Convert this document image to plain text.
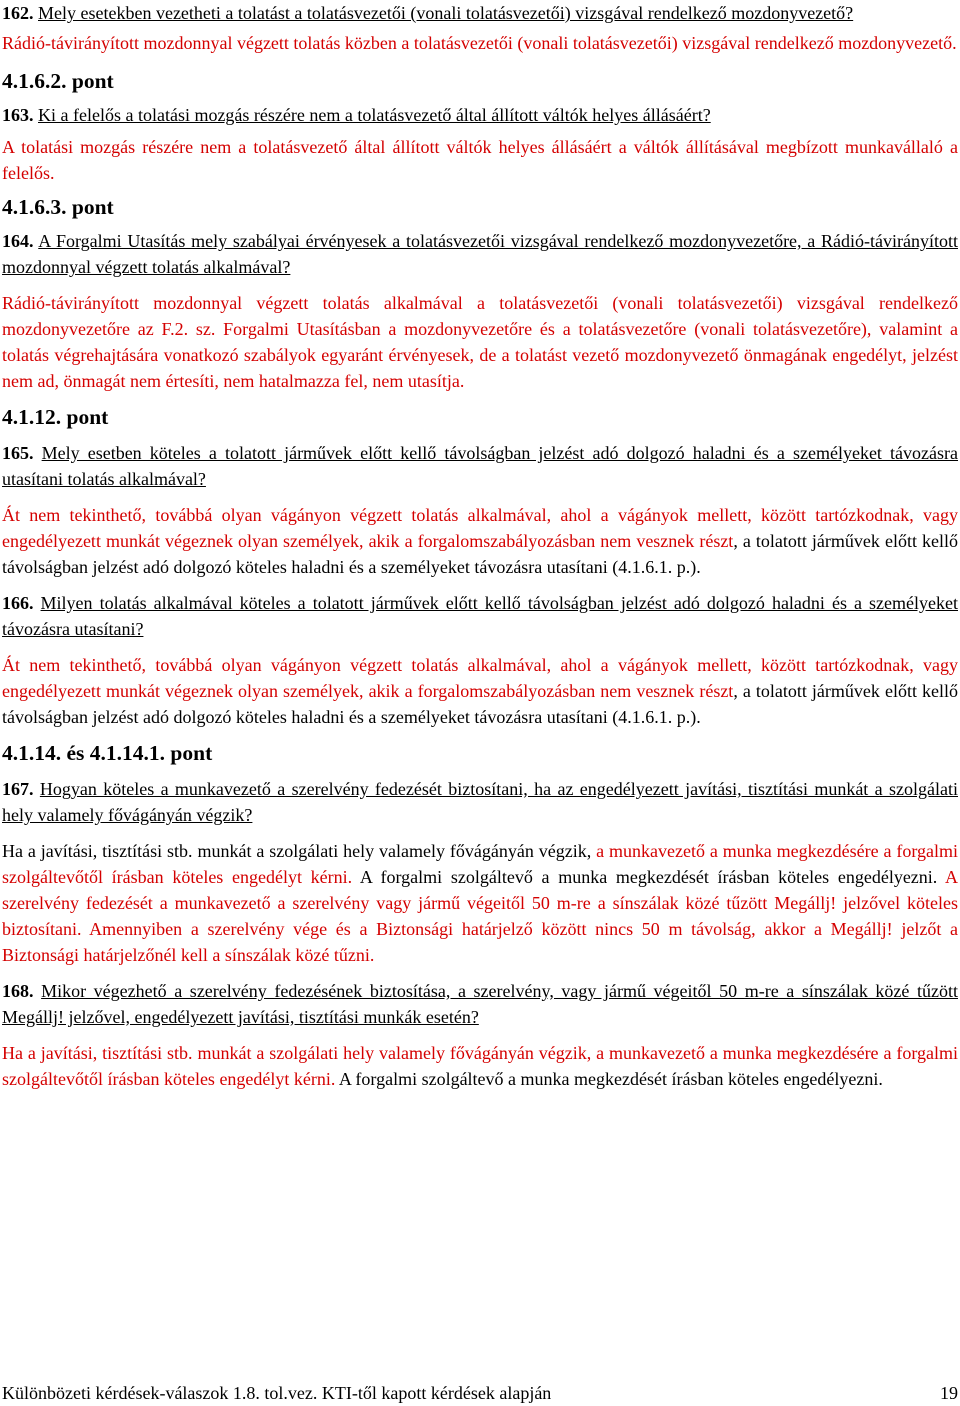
162. Mely esetekben vezetheti a tolatást a tolatásvezetői (vonali tolatásvezetői) vizsgával rendelkező mozdonyvezető?

Rádió-távirányított mozdonnyal végzett tolatás közben a tolatásvezetői (vonali tolatásvezetői) vizsgával rendelkező mozdonyvezető.

4.1.6.2. pont

163. Ki a felelős a tolatási mozgás részére nem a tolatásvezető által állított váltók helyes állásáért?

A tolatási mozgás részére nem a tolatásvezető által állított váltók helyes állásáért a váltók állításával megbízott munkavállaló a felelős.

4.1.6.3. pont

164. A Forgalmi Utasítás mely szabályai érvényesek a tolatásvezetői vizsgával rendelkező mozdonyvezetőre, a Rádió-távirányított mozdonnyal végzett tolatás alkalmával?

Rádió-távirányított mozdonnyal végzett tolatás alkalmával a tolatásvezetői (vonali tolatásvezetői) vizsgával rendelkező mozdonyvezetőre az F.2. sz. Forgalmi Utasításban a mozdonyvezetőre és a tolatásvezetőre (vonali tolatásvezetőre), valamint a tolatás végrehajtására vonatkozó szabályok egyaránt érvényesek, de a tolatást vezető mozdonyvezető önmagának engedélyt, jelzést nem ad, önmagát nem értesíti, nem hatalmazza fel, nem utasítja.

4.1.12. pont

165. Mely esetben köteles a tolatott járművek előtt kellő távolságban jelzést adó dolgozó haladni és a személyeket távozásra utasítani tolatás alkalmával?

Át nem tekinthető, továbbá olyan vágányon végzett tolatás alkalmával, ahol a vágányok mellett, között tartózkodnak, vagy engedélyezett munkát végeznek olyan személyek, akik a forgalomszabályozásban nem vesznek részt, a tolatott járművek előtt kellő távolságban jelzést adó dolgozó köteles haladni és a személyeket távozásra utasítani (4.1.6.1. p.).

166. Milyen tolatás alkalmával köteles a tolatott járművek előtt kellő távolságban jelzést adó dolgozó haladni és a személyeket távozásra utasítani?

Át nem tekinthető, továbbá olyan vágányon végzett tolatás alkalmával, ahol a vágányok mellett, között tartózkodnak, vagy engedélyezett munkát végeznek olyan személyek, akik a forgalomszabályozásban nem vesznek részt, a tolatott járművek előtt kellő távolságban jelzést adó dolgozó köteles haladni és a személyeket távozásra utasítani (4.1.6.1. p.).

4.1.14. és 4.1.14.1. pont

167. Hogyan köteles a munkavezető a szerelvény fedezését biztosítani, ha az engedélyezett javítási, tisztítási munkát a szolgálati hely valamely fővágányán végzik?

Ha a javítási, tisztítási stb. munkát a szolgálati hely valamely fővágányán végzik, a munkavezető a munka megkezdésére a forgalmi szolgáltevőtől írásban köteles engedélyt kérni. A forgalmi szolgáltevő a munka megkezdését írásban köteles engedélyezni. A szerelvény fedezését a munkavezető a szerelvény vagy jármű végeitől 50 m-re a sínszálak közé tűzött Megállj! jelzővel köteles biztosítani. Amennyiben a szerelvény vége és a Biztonsági határjelző között nincs 50 m távolság, akkor a Megállj! jelzőt a Biztonsági határjelzőnél kell a sínszálak közé tűzni.

168. Mikor végezhető a szerelvény fedezésének biztosítása, a szerelvény, vagy jármű végeitől 50 m-re a sínszálak közé tűzött Megállj! jelzővel, engedélyezett javítási, tisztítási munkák esetén?

Ha a javítási, tisztítási stb. munkát a szolgálati hely valamely fővágányán végzik, a munkavezető a munka megkezdésére a forgalmi szolgáltevőtől írásban köteles engedélyt kérni. A forgalmi szolgáltevő a munka megkezdését írásban köteles engedélyezni.

Különbözeti kérdések-válaszok 1.8. tol.vez. KTI-től kapott kérdések alapján	19
